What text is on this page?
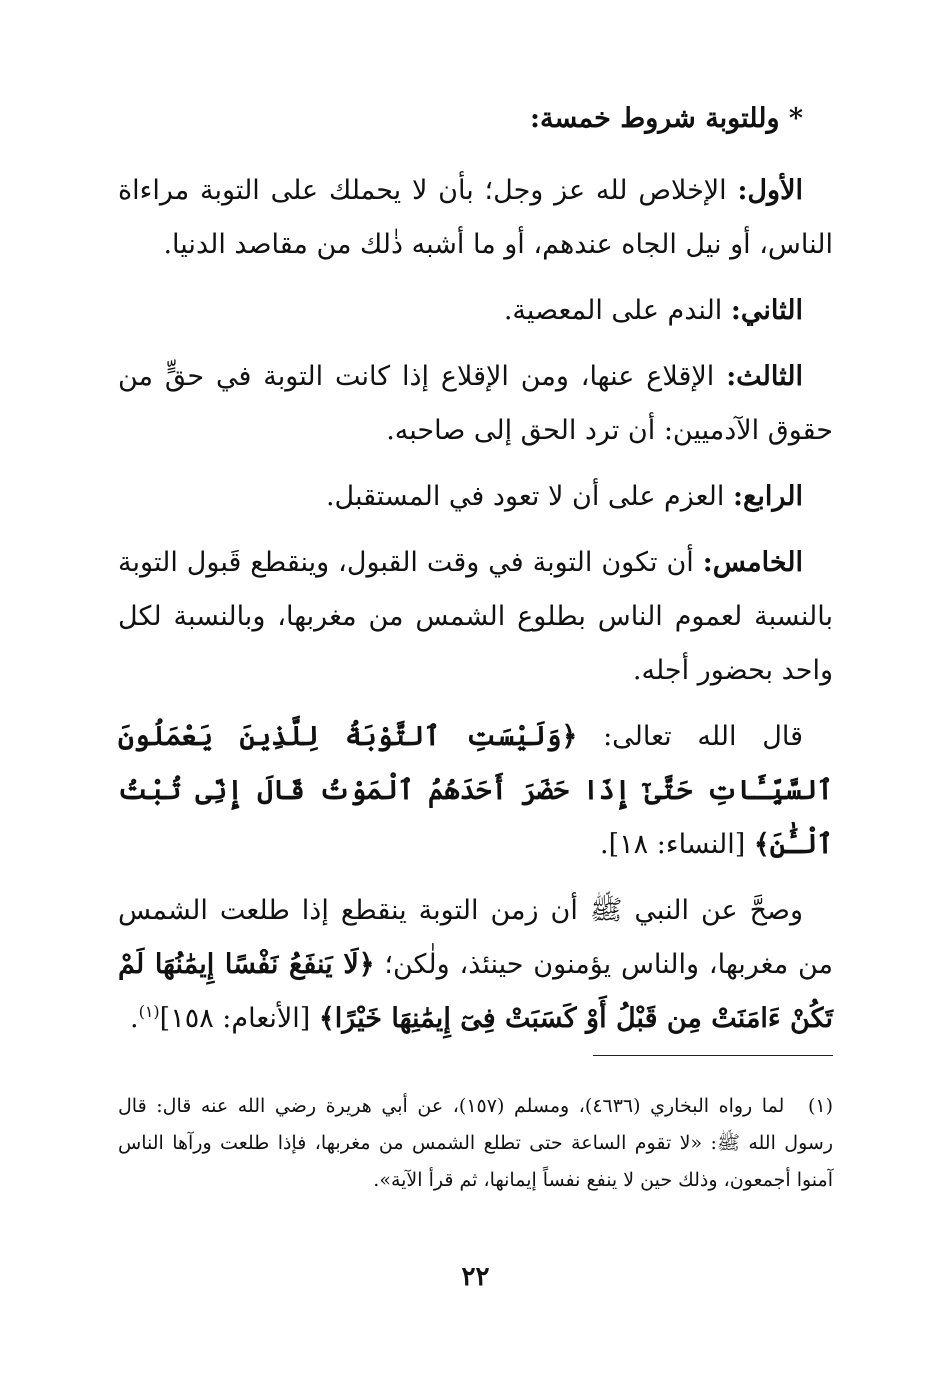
* وللتوبة شروط خمسة:

الأول: الإخلاص لله عز وجل؛ بأن لا يحملك على التوبة مراءاة الناس، أو نيل الجاه عندهم، أو ما أشبه ذٰلك من مقاصد الدنيا.

الثاني: الندم على المعصية.

الثالث: الإقلاع عنها، ومن الإقلاع إذا كانت التوبة في حقٍّ من حقوق الآدميين: أن ترد الحق إلى صاحبه.

الرابع: العزم على أن لا تعود في المستقبل.

الخامس: أن تكون التوبة في وقت القبول، وينقطع قَبول التوبة بالنسبة لعموم الناس بطلوع الشمس من مغربها، وبالنسبة لكل واحد بحضور أجله.

قال الله تعالى: ﴿وَلَيْسَتِ ٱلتَّوْبَةُ لِلَّذِينَ يَعْمَلُونَ ٱلسَّيِّـَٔاتِ حَتَّىٰٓ إِذَا حَضَرَ أَحَدَهُمُ ٱلْمَوْتُ قَالَ إِنِّى تُبْتُ ٱلْـَٰٔنَ﴾ [النساء: ١٨].

وصحَّ عن النبي ﷺ أن زمن التوبة ينقطع إذا طلعت الشمس من مغربها، والناس يؤمنون حينئذ، ولٰكن؛ ﴿لَا يَنفَعُ نَفْسًا إِيمَٰنُهَا لَمْ تَكُنْ ءَامَنَتْ مِن قَبْلُ أَوْ كَسَبَتْ فِىٓ إِيمَٰنِهَا خَيْرًا﴾ [الأنعام: ١٥٨]$^{(١)}$.

(١) لما رواه البخاري (٤٦٣٦)، ومسلم (١٥٧)، عن أبي هريرة رضي الله عنه قال: قال رسول الله ﷺ: «لا تقوم الساعة حتى تطلع الشمس من مغربها، فإذا طلعت ورآها الناس آمنوا أجمعون، وذلك حين لا ينفع نفساً إيمانها، ثم قرأ الآية».

٢٢
